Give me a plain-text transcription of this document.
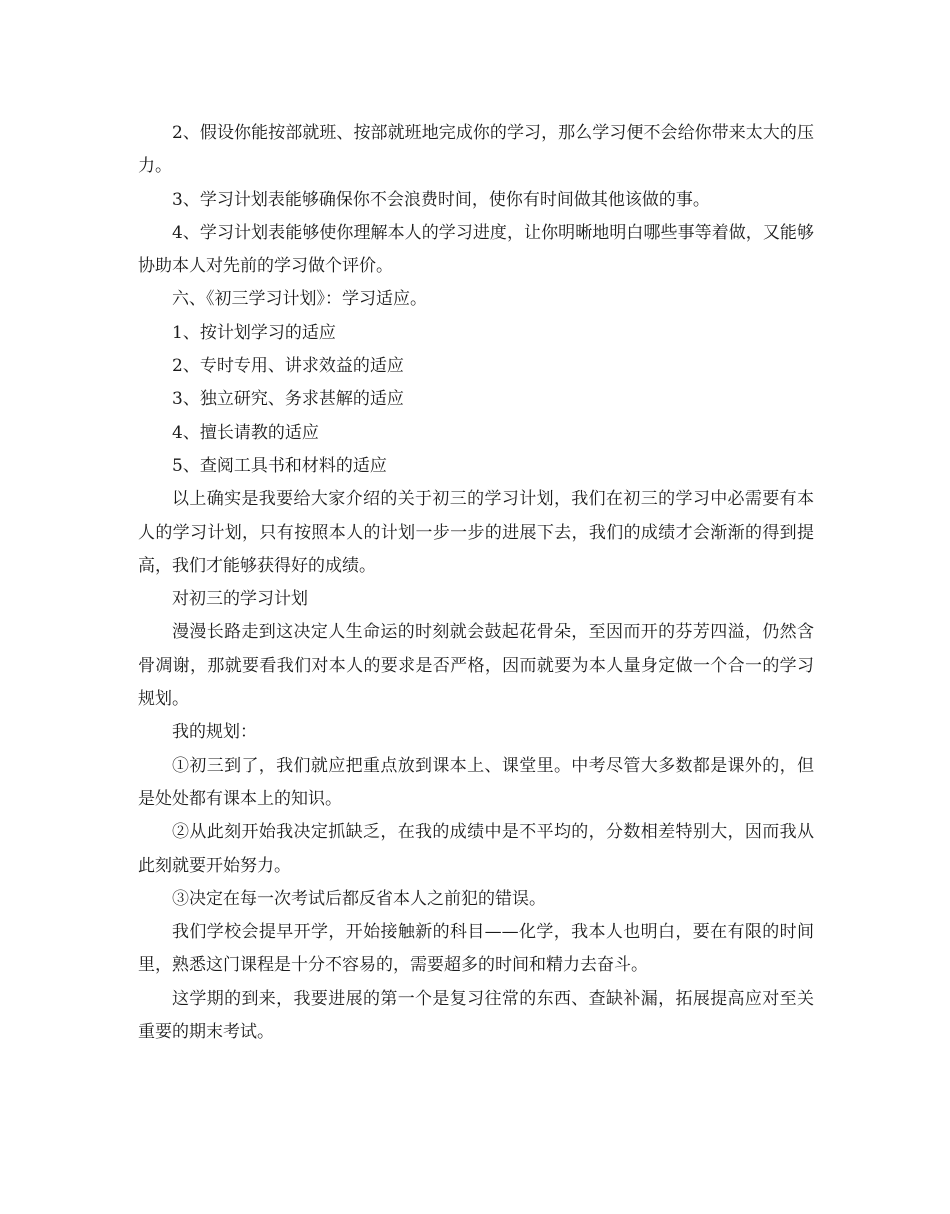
2、假设你能按部就班、按部就班地完成你的学习，那么学习便不会给你带来太大的压力。

3、学习计划表能够确保你不会浪费时间，使你有时间做其他该做的事。

4、学习计划表能够使你理解本人的学习进度，让你明晰地明白哪些事等着做，又能够协助本人对先前的学习做个评价。

六、《初三学习计划》：学习适应。

1、按计划学习的适应

2、专时专用、讲求效益的适应

3、独立研究、务求甚解的适应

4、擅长请教的适应

5、查阅工具书和材料的适应

以上确实是我要给大家介绍的关于初三的学习计划，我们在初三的学习中必需要有本人的学习计划，只有按照本人的计划一步一步的进展下去，我们的成绩才会渐渐的得到提高，我们才能够获得好的成绩。

对初三的学习计划

漫漫长路走到这决定人生命运的时刻就会鼓起花骨朵，至因而开的芬芳四溢，仍然含骨凋谢，那就要看我们对本人的要求是否严格，因而就要为本人量身定做一个合一的学习规划。

我的规划：

①初三到了，我们就应把重点放到课本上、课堂里。中考尽管大多数都是课外的，但是处处都有课本上的知识。

②从此刻开始我决定抓缺乏，在我的成绩中是不平均的，分数相差特别大，因而我从此刻就要开始努力。

③决定在每一次考试后都反省本人之前犯的错误。

我们学校会提早开学，开始接触新的科目——化学，我本人也明白，要在有限的时间里，熟悉这门课程是十分不容易的，需要超多的时间和精力去奋斗。

这学期的到来，我要进展的第一个是复习往常的东西、查缺补漏，拓展提高应对至关重要的期末考试。
